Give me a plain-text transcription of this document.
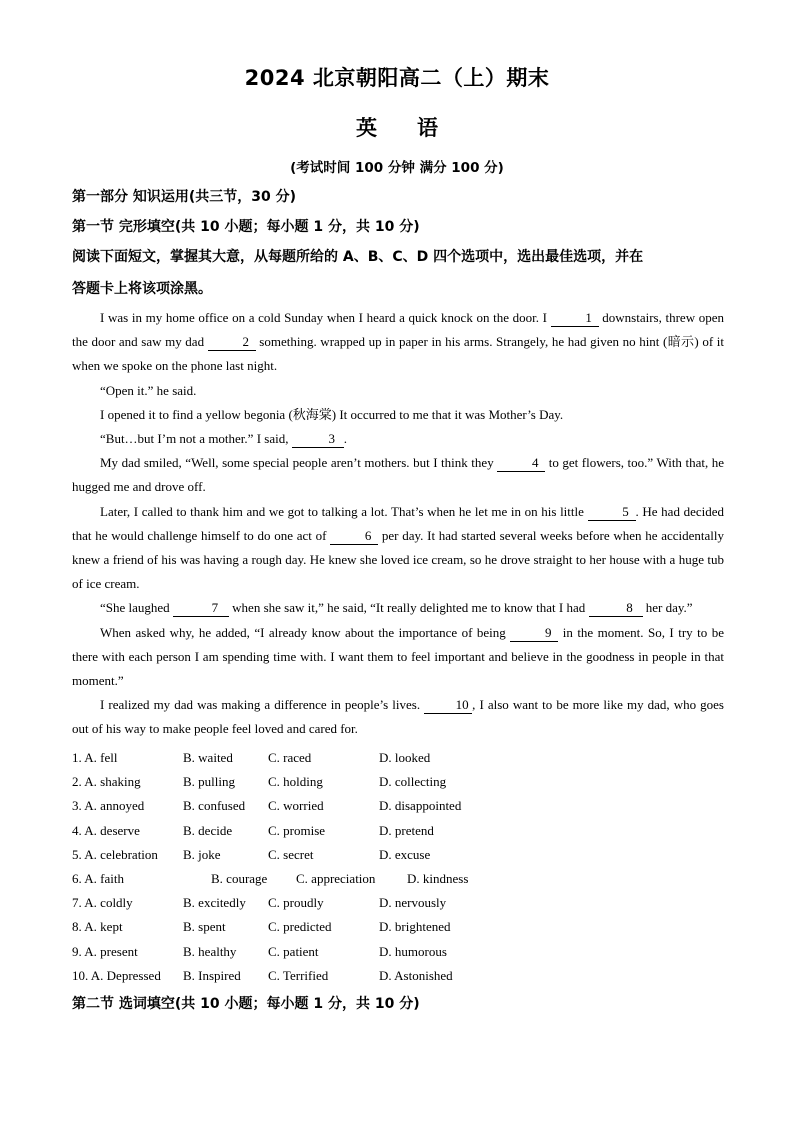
2024 北京朝阳高二（上）期末
英 语
(考试时间 100 分钟 满分 100 分)
第一部分 知识运用(共三节，30 分)
第一节 完形填空(共 10 小题；每小题 1 分，共 10 分)
阅读下面短文，掌握其大意，从每题所给的 A、B、C、D 四个选项中，选出最佳选项，并在
答题卡上将该项涂黑。

I was in my home office on a cold Sunday when I heard a quick knock on the door. I	1 downstairs, threw open the door and saw my dad	2 something. wrapped up in paper in his arms. Strangely, he had given no hint (暗示) of it when we spoke on the phone last night.

“Open it.” he said.

I opened it to find a yellow begonia (秋海棠) It occurred to me that it was Mother’s Day.

“But…but I’m not a mother.” I said,	3 .

My dad smiled, “Well, some special people aren’t mothers. but I think they	4 to get flowers, too.” With that, he hugged me and drove off.

Later, I called to thank him and we got to talking a lot. That’s when he let me in on his little	5 . He had decided that he would challenge himself to do one act of	6 per day. It had started several weeks before when he accidentally knew a friend of his was having a rough day. He knew she loved ice cream, so he drove straight to her house with a huge tub of ice cream.

“She laughed	7 when she saw it,” he said, “It really delighted me to know that I had	8 her day.”

When asked why, he added, “I already know about the importance of being	9 in the moment. So, I try to be there with each person I am spending time with. I want them to feel important and believe in the goodness in people in that moment.”

I realized my dad was making a difference in people’s lives. 10 , I also want to be more like my dad, who goes out of his way to make people feel loved and cared for.

1. A. fell	B. waited	C. raced	D. looked
2. A. shaking	B. pulling	C. holding	D. collecting
3. A. annoyed	B. confused C. worried	D. disappointed
4. A. deserve	B. decide	C. promise	D. pretend
5. A. celebration B. joke	C. secret	D. excuse
6. A. faith	B. courage C. appreciation D. kindness
7. A. coldly	B. excitedly C. proudly	D. nervously
8. A. kept	B. spent	C. predicted	D. brightened
9. A. present	B. healthy C. patient	D. humorous
10. A. Depressed B. Inspired C. Terrified	D. Astonished
第二节 选词填空(共 10 小题；每小题 1 分，共 10 分)
